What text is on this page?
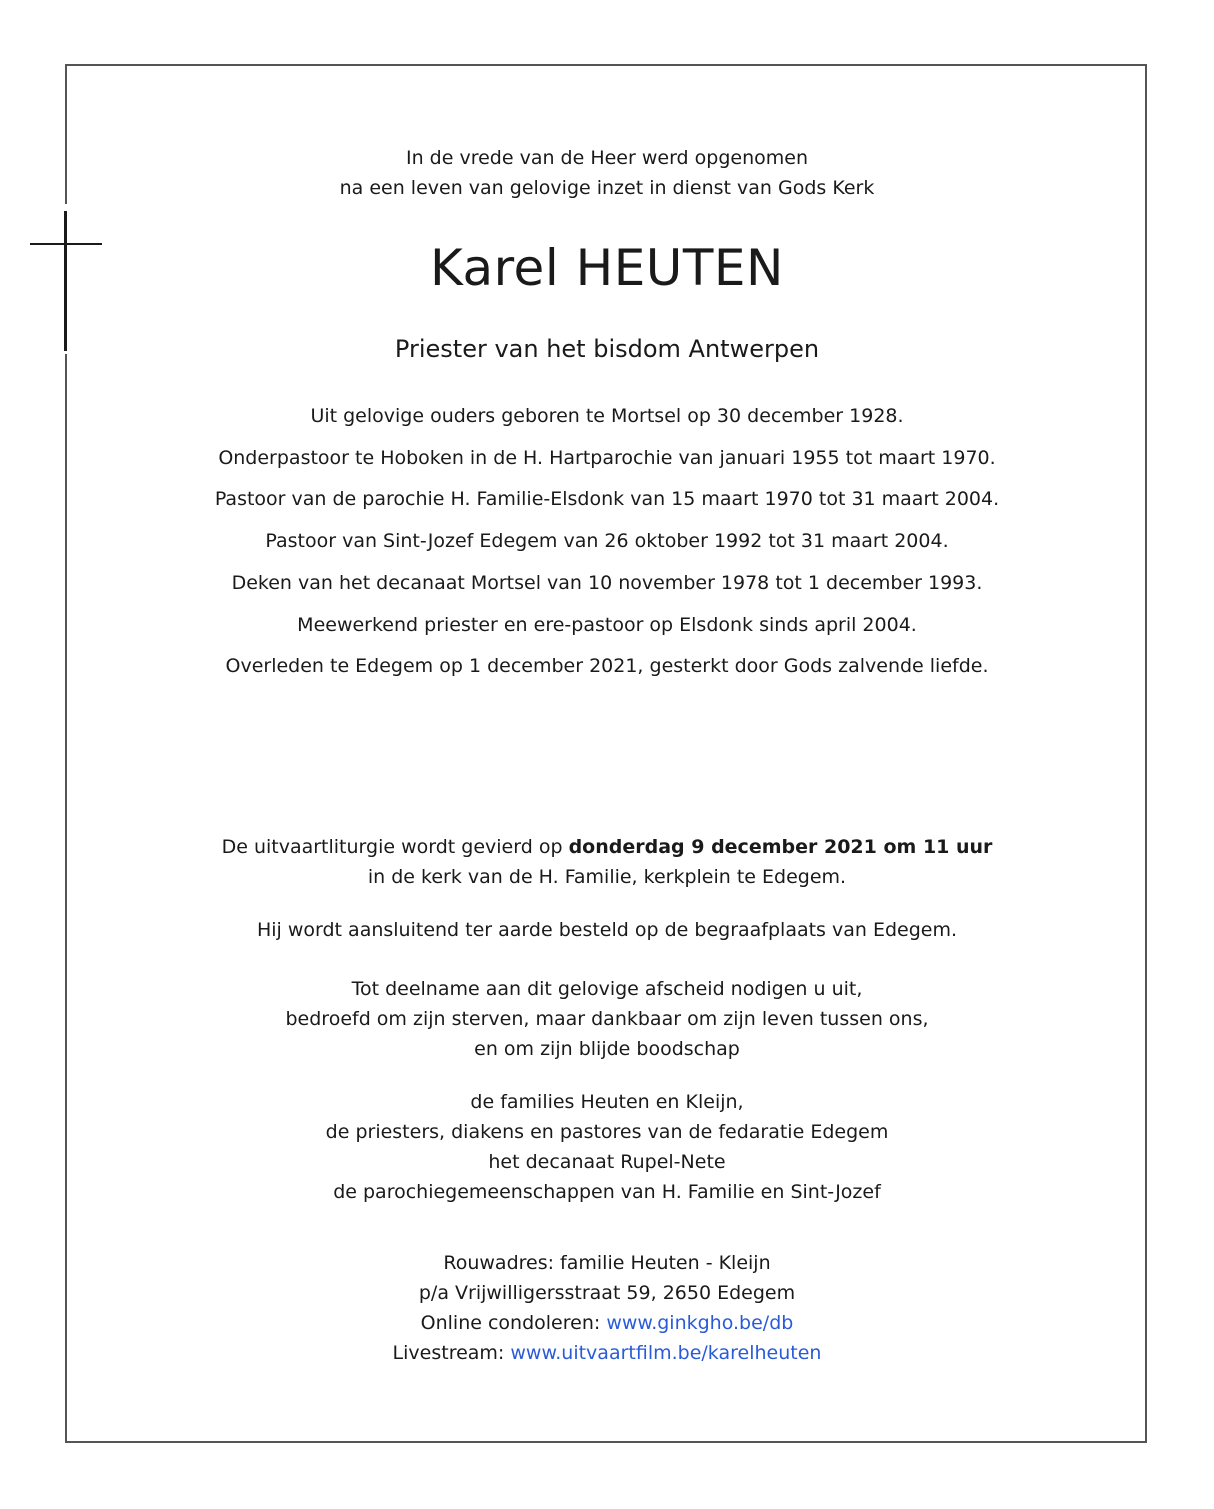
In de vrede van de Heer werd opgenomen
na een leven van gelovige inzet in dienst van Gods Kerk
Karel HEUTEN
Priester van het bisdom Antwerpen
Uit gelovige ouders geboren te Mortsel op 30 december 1928.
Onderpastoor te Hoboken in de H. Hartparochie van januari 1955 tot maart 1970.
Pastoor van de parochie H. Familie-Elsdonk van 15 maart 1970 tot 31 maart 2004.
Pastoor van Sint-Jozef Edegem van 26 oktober 1992 tot 31 maart 2004.
Deken van het decanaat Mortsel van 10 november 1978 tot 1 december 1993.
Meewerkend priester en ere-pastoor op Elsdonk sinds april 2004.
Overleden te Edegem op 1 december 2021, gesterkt door Gods zalvende liefde.
De uitvaartliturgie wordt gevierd op donderdag 9 december 2021 om 11 uur
in de kerk van de H. Familie, kerkplein te Edegem.
Hij wordt aansluitend ter aarde besteld op de begraafplaats van Edegem.
Tot deelname aan dit gelovige afscheid nodigen u uit,
bedroefd om zijn sterven, maar dankbaar om zijn leven tussen ons,
en om zijn blijde boodschap
de families Heuten en Kleijn,
de priesters, diakens en pastores van de fedaratie Edegem
het decanaat Rupel-Nete
de parochiegemeenschappen van H. Familie en Sint-Jozef
Rouwadres: familie Heuten - Kleijn
p/a Vrijwilligersstraat 59, 2650 Edegem
Online condoleren: www.ginkgho.be/db
Livestream: www.uitvaartfilm.be/karelheuten
